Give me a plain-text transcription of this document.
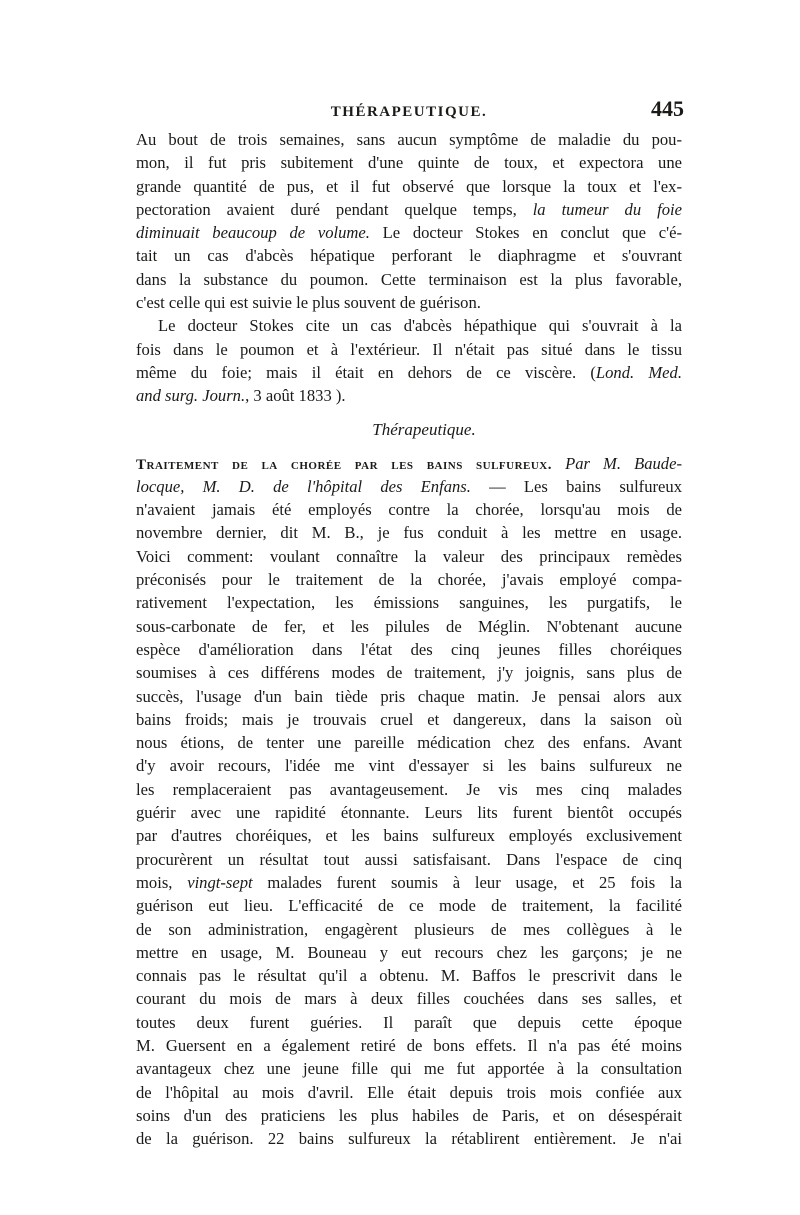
THÉRAPEUTIQUE.	445
Au bout de trois semaines, sans aucun symptôme de maladie du pou-
mon, il fut pris subitement d'une quinte de toux, et expectora une
grande quantité de pus, et il fut observé que lorsque la toux et l'ex-
pectoration avaient duré pendant quelque temps, la tumeur du foie
diminuait beaucoup de volume. Le docteur Stokes en conclut que c'é-
tait un cas d'abcès hépatique perforant le diaphragme et s'ouvrant
dans la substance du poumon. Cette terminaison est la plus favorable,
c'est celle qui est suivie le plus souvent de guérison.
Le docteur Stokes cite un cas d'abcès hépathique qui s'ouvrait à la
fois dans le poumon et à l'extérieur. Il n'était pas situé dans le tissu
même du foie; mais il était en dehors de ce viscère. (Lond. Med.
and surg. Journ., 3 août 1833 ).
Thérapeutique.
Traitement de la chorée par les bains sulfureux. Par M. Baude-
locque, M. D. de l'hôpital des Enfans. — Les bains sulfureux
n'avaient jamais été employés contre la chorée, lorsqu'au mois de
novembre dernier, dit M. B., je fus conduit à les mettre en usage.
Voici comment: voulant connaître la valeur des principaux remèdes
préconisés pour le traitement de la chorée, j'avais employé compa-
rativement l'expectation, les émissions sanguines, les purgatifs, le
sous-carbonate de fer, et les pilules de Méglin. N'obtenant aucune
espèce d'amélioration dans l'état des cinq jeunes filles choréiques
soumises à ces différens modes de traitement, j'y joignis, sans plus de
succès, l'usage d'un bain tiède pris chaque matin. Je pensai alors aux
bains froids; mais je trouvais cruel et dangereux, dans la saison où
nous étions, de tenter une pareille médication chez des enfans. Avant
d'y avoir recours, l'idée me vint d'essayer si les bains sulfureux ne
les remplaceraient pas avantageusement. Je vis mes cinq malades
guérir avec une rapidité étonnante. Leurs lits furent bientôt occupés
par d'autres choréiques, et les bains sulfureux employés exclusivement
procurèrent un résultat tout aussi satisfaisant. Dans l'espace de cinq
mois, vingt-sept malades furent soumis à leur usage, et 25 fois la
guérison eut lieu. L'efficacité de ce mode de traitement, la facilité
de son administration, engagèrent plusieurs de mes collègues à le
mettre en usage, M. Bouneau y eut recours chez les garçons; je ne
connais pas le résultat qu'il a obtenu. M. Baffos le prescrivit dans le
courant du mois de mars à deux filles couchées dans ses salles, et
toutes deux furent guéries. Il paraît que depuis cette époque
M. Guersent en a également retiré de bons effets. Il n'a pas été moins
avantageux chez une jeune fille qui me fut apportée à la consultation
de l'hôpital au mois d'avril. Elle était depuis trois mois confiée aux
soins d'un des praticiens les plus habiles de Paris, et on désespérait
de la guérison. 22 bains sulfureux la rétablirent entièrement. Je n'ai
